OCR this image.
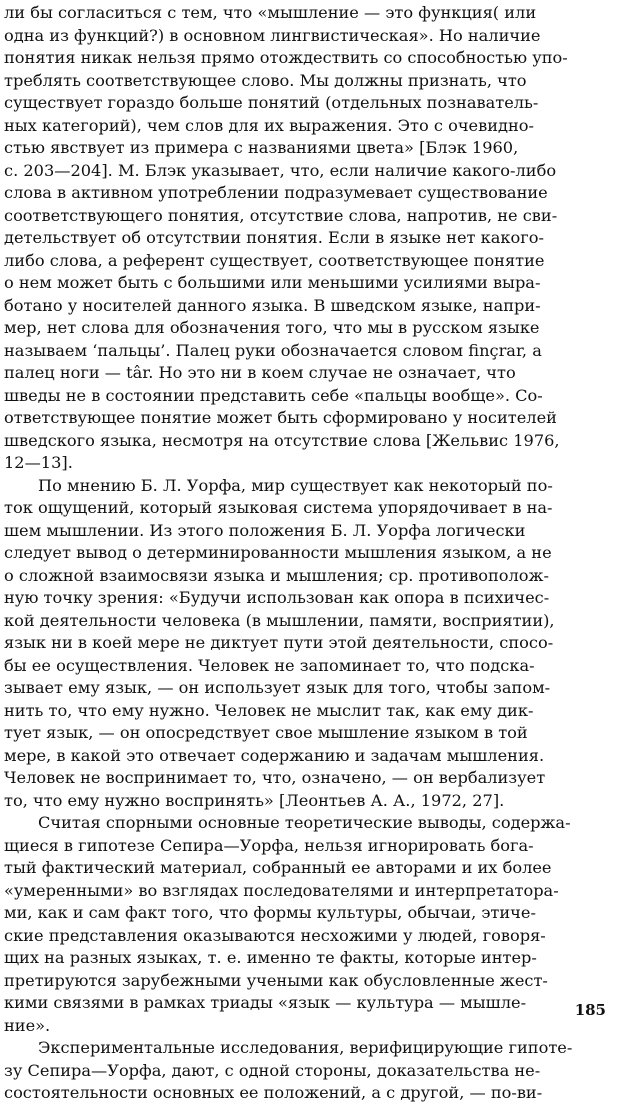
ли бы согласиться с тем, что «мышление — это функция( или
одна из функций?) в основном лингвистическая». Но наличие
понятия никак нельзя прямо отождествить со способностью упо-
треблять соответствующее слово. Мы должны признать, что
существует гораздо больше понятий (отдельных познаватель-
ных категорий), чем слов для их выражения. Это с очевидно-
стью явствует из примера с названиями цвета» [Блэк 1960,
с. 203—204]. М. Блэк указывает, что, если наличие какого-либо
слова в активном употреблении подразумевает существование
соответствующего понятия, отсутствие слова, напротив, не сви-
детельствует об отсутствии понятия. Если в языке нет какого-
либо слова, а референт существует, соответствующее понятие
о нем может быть с большими или меньшими усилиями выра-
ботано у носителей данного языка. В шведском языке, напри-
мер, нет слова для обозначения того, что мы в русском языке
называем ‘пальцы’. Палец руки обозначается словом finçrar, а
палец ноги — târ. Но это ни в коем случае не означает, что
шведы не в состоянии представить себе «пальцы вообще». Со-
ответствующее понятие может быть сформировано у носителей
шведского языка, несмотря на отсутствие слова [Жельвис 1976,
12—13].
По мнению Б. Л. Уорфа, мир существует как некоторый по-
ток ощущений, который языковая система упорядочивает в на-
шем мышлении. Из этого положения Б. Л. Уорфа логически
следует вывод о детерминированности мышления языком, а не
о сложной взаимосвязи языка и мышления; ср. противополож-
ную точку зрения: «Будучи использован как опора в психичес-
кой деятельности человека (в мышлении, памяти, восприятии),
язык ни в коей мере не диктует пути этой деятельности, спосо-
бы ее осуществления. Человек не запоминает то, что подска-
зывает ему язык, — он использует язык для того, чтобы запом-
нить то, что ему нужно. Человек не мыслит так, как ему дик-
тует язык, — он опосредствует свое мышление языком в той
мере, в какой это отвечает содержанию и задачам мышления.
Человек не воспринимает то, что, означено, — он вербализует
то, что ему нужно воспринять» [Леонтьев А. А., 1972, 27].
Считая спорными основные теоретические выводы, содержа-
щиеся в гипотезе Сепира—Уорфа, нельзя игнорировать бога-
тый фактический материал, собранный ее авторами и их более
«умеренными» во взглядах последователями и интерпретатора-
ми, как и сам факт того, что формы культуры, обычаи, этиче-
ские представления оказываются несхожими у людей, говоря-
щих на разных языках, т. е. именно те факты, которые интер-
претируются зарубежными учеными как обусловленные жест-
кими связями в рамках триады «язык — культура — мышле-
ние».
Экспериментальные исследования, верифицирующие гипоте-
зу Сепира—Уорфа, дают, с одной стороны, доказательства не-
состоятельности основных ее положений, а с другой, — по-ви-
185
